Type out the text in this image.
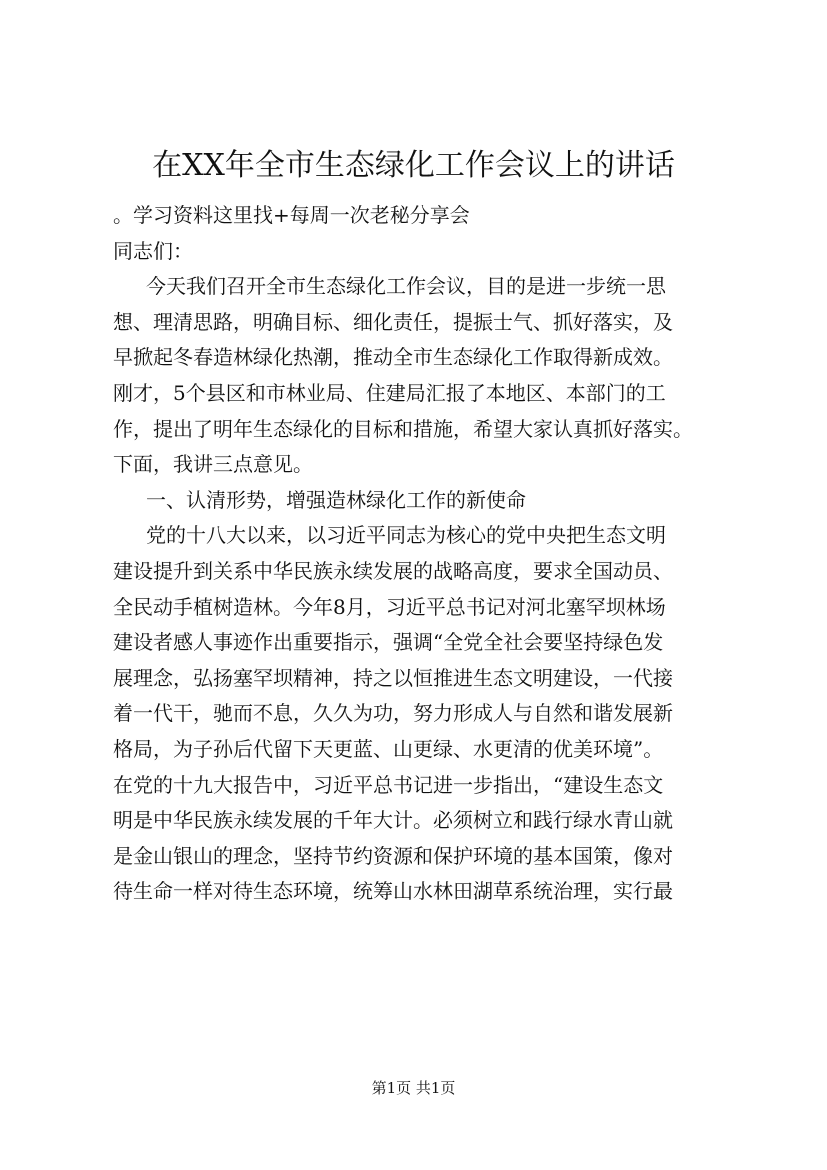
在XX年全市生态绿化工作会议上的讲话
。学习资料这里找+每周一次老秘分享会
同志们：
今天我们召开全市生态绿化工作会议，目的是进一步统一思
想、理清思路，明确目标、细化责任，提振士气、抓好落实，及
早掀起冬春造林绿化热潮，推动全市生态绿化工作取得新成效。
刚才，5个县区和市林业局、住建局汇报了本地区、本部门的工
作，提出了明年生态绿化的目标和措施，希望大家认真抓好落实。
下面，我讲三点意见。
一、认清形势，增强造林绿化工作的新使命
党的十八大以来，以习近平同志为核心的党中央把生态文明
建设提升到关系中华民族永续发展的战略高度，要求全国动员、
全民动手植树造林。今年8月，习近平总书记对河北塞罕坝林场
建设者感人事迹作出重要指示，强调“全党全社会要坚持绿色发
展理念，弘扬塞罕坝精神，持之以恒推进生态文明建设，一代接
着一代干，驰而不息，久久为功，努力形成人与自然和谐发展新
格局，为子孙后代留下天更蓝、山更绿、水更清的优美环境”。
在党的十九大报告中，习近平总书记进一步指出，“建设生态文
明是中华民族永续发展的千年大计。必须树立和践行绿水青山就
是金山银山的理念，坚持节约资源和保护环境的基本国策，像对
待生命一样对待生态环境，统筹山水林田湖草系统治理，实行最
第1页 共1页
